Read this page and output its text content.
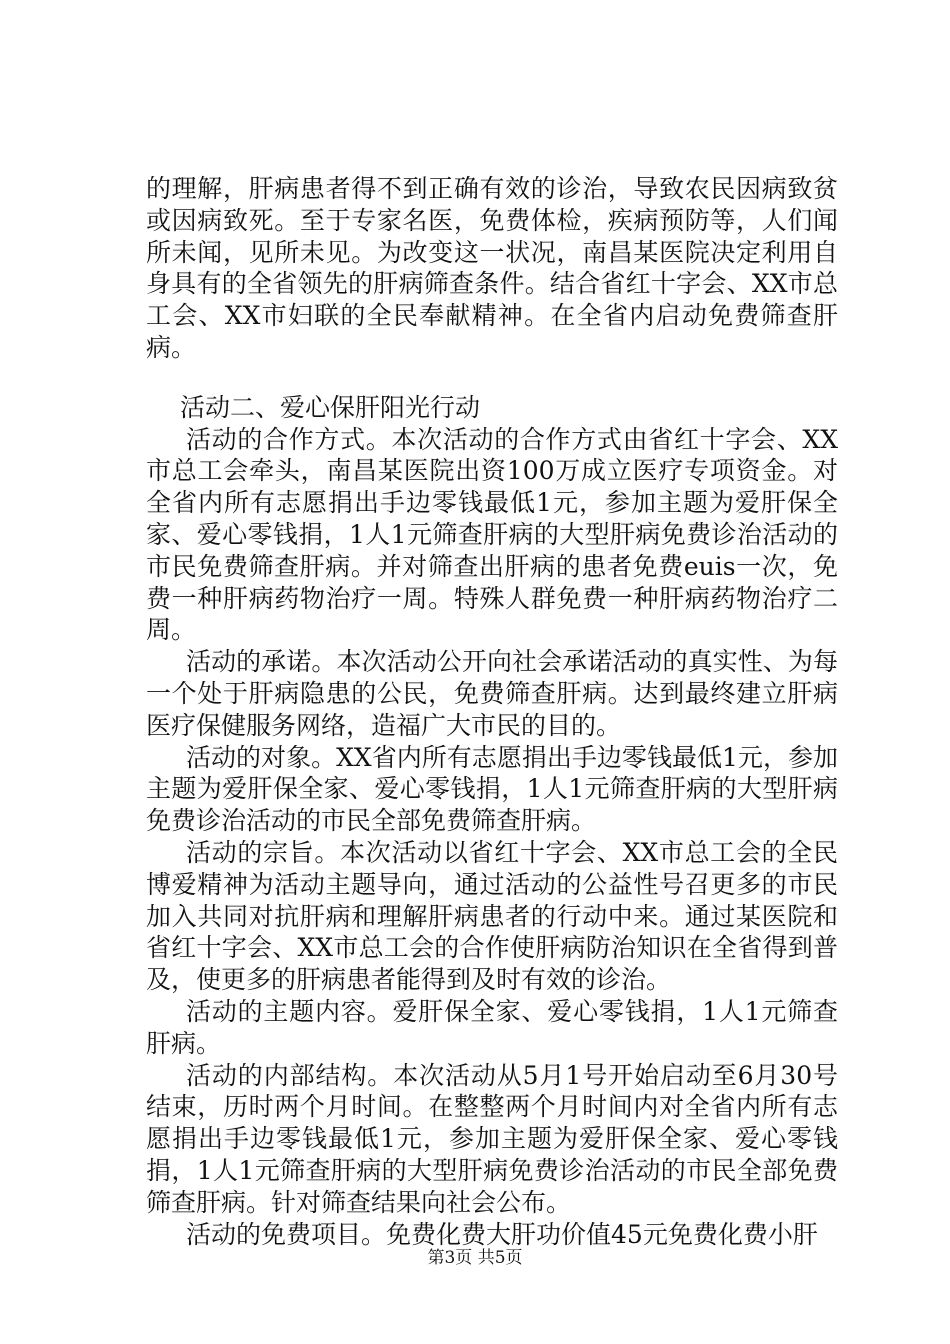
的理解，肝病患者得不到正确有效的诊治，导致农民因病致贫或因病致死。至于专家名医，免费体检，疾病预防等，人们闻所未闻，见所未见。为改变这一状况，南昌某医院决定利用自身具有的全省领先的肝病筛查条件。结合省红十字会、XX市总工会、XX市妇联的全民奉献精神。在全省内启动免费筛查肝病。

活动二、爱心保肝阳光行动

活动的合作方式。本次活动的合作方式由省红十字会、XX市总工会牵头，南昌某医院出资100万成立医疗专项资金。对全省内所有志愿捐出手边零钱最低1元，参加主题为爱肝保全家、爱心零钱捐，1人1元筛查肝病的大型肝病免费诊治活动的市民免费筛查肝病。并对筛查出肝病的患者免费euis一次，免费一种肝病药物治疗一周。特殊人群免费一种肝病药物治疗二周。

活动的承诺。本次活动公开向社会承诺活动的真实性、为每一个处于肝病隐患的公民，免费筛查肝病。达到最终建立肝病医疗保健服务网络，造福广大市民的目的。

活动的对象。XX省内所有志愿捐出手边零钱最低1元，参加主题为爱肝保全家、爱心零钱捐，1人1元筛查肝病的大型肝病免费诊治活动的市民全部免费筛查肝病。

活动的宗旨。本次活动以省红十字会、XX市总工会的全民博爱精神为活动主题导向，通过活动的公益性号召更多的市民加入共同对抗肝病和理解肝病患者的行动中来。通过某医院和省红十字会、XX市总工会的合作使肝病防治知识在全省得到普及，使更多的肝病患者能得到及时有效的诊治。

活动的主题内容。爱肝保全家、爱心零钱捐，1人1元筛查肝病。

活动的内部结构。本次活动从5月1号开始启动至6月30号结束，历时两个月时间。在整整两个月时间内对全省内所有志愿捐出手边零钱最低1元，参加主题为爱肝保全家、爱心零钱捐，1人1元筛查肝病的大型肝病免费诊治活动的市民全部免费筛查肝病。针对筛查结果向社会公布。

活动的免费项目。免费化费大肝功价值45元免费化费小肝

第3页 共5页
